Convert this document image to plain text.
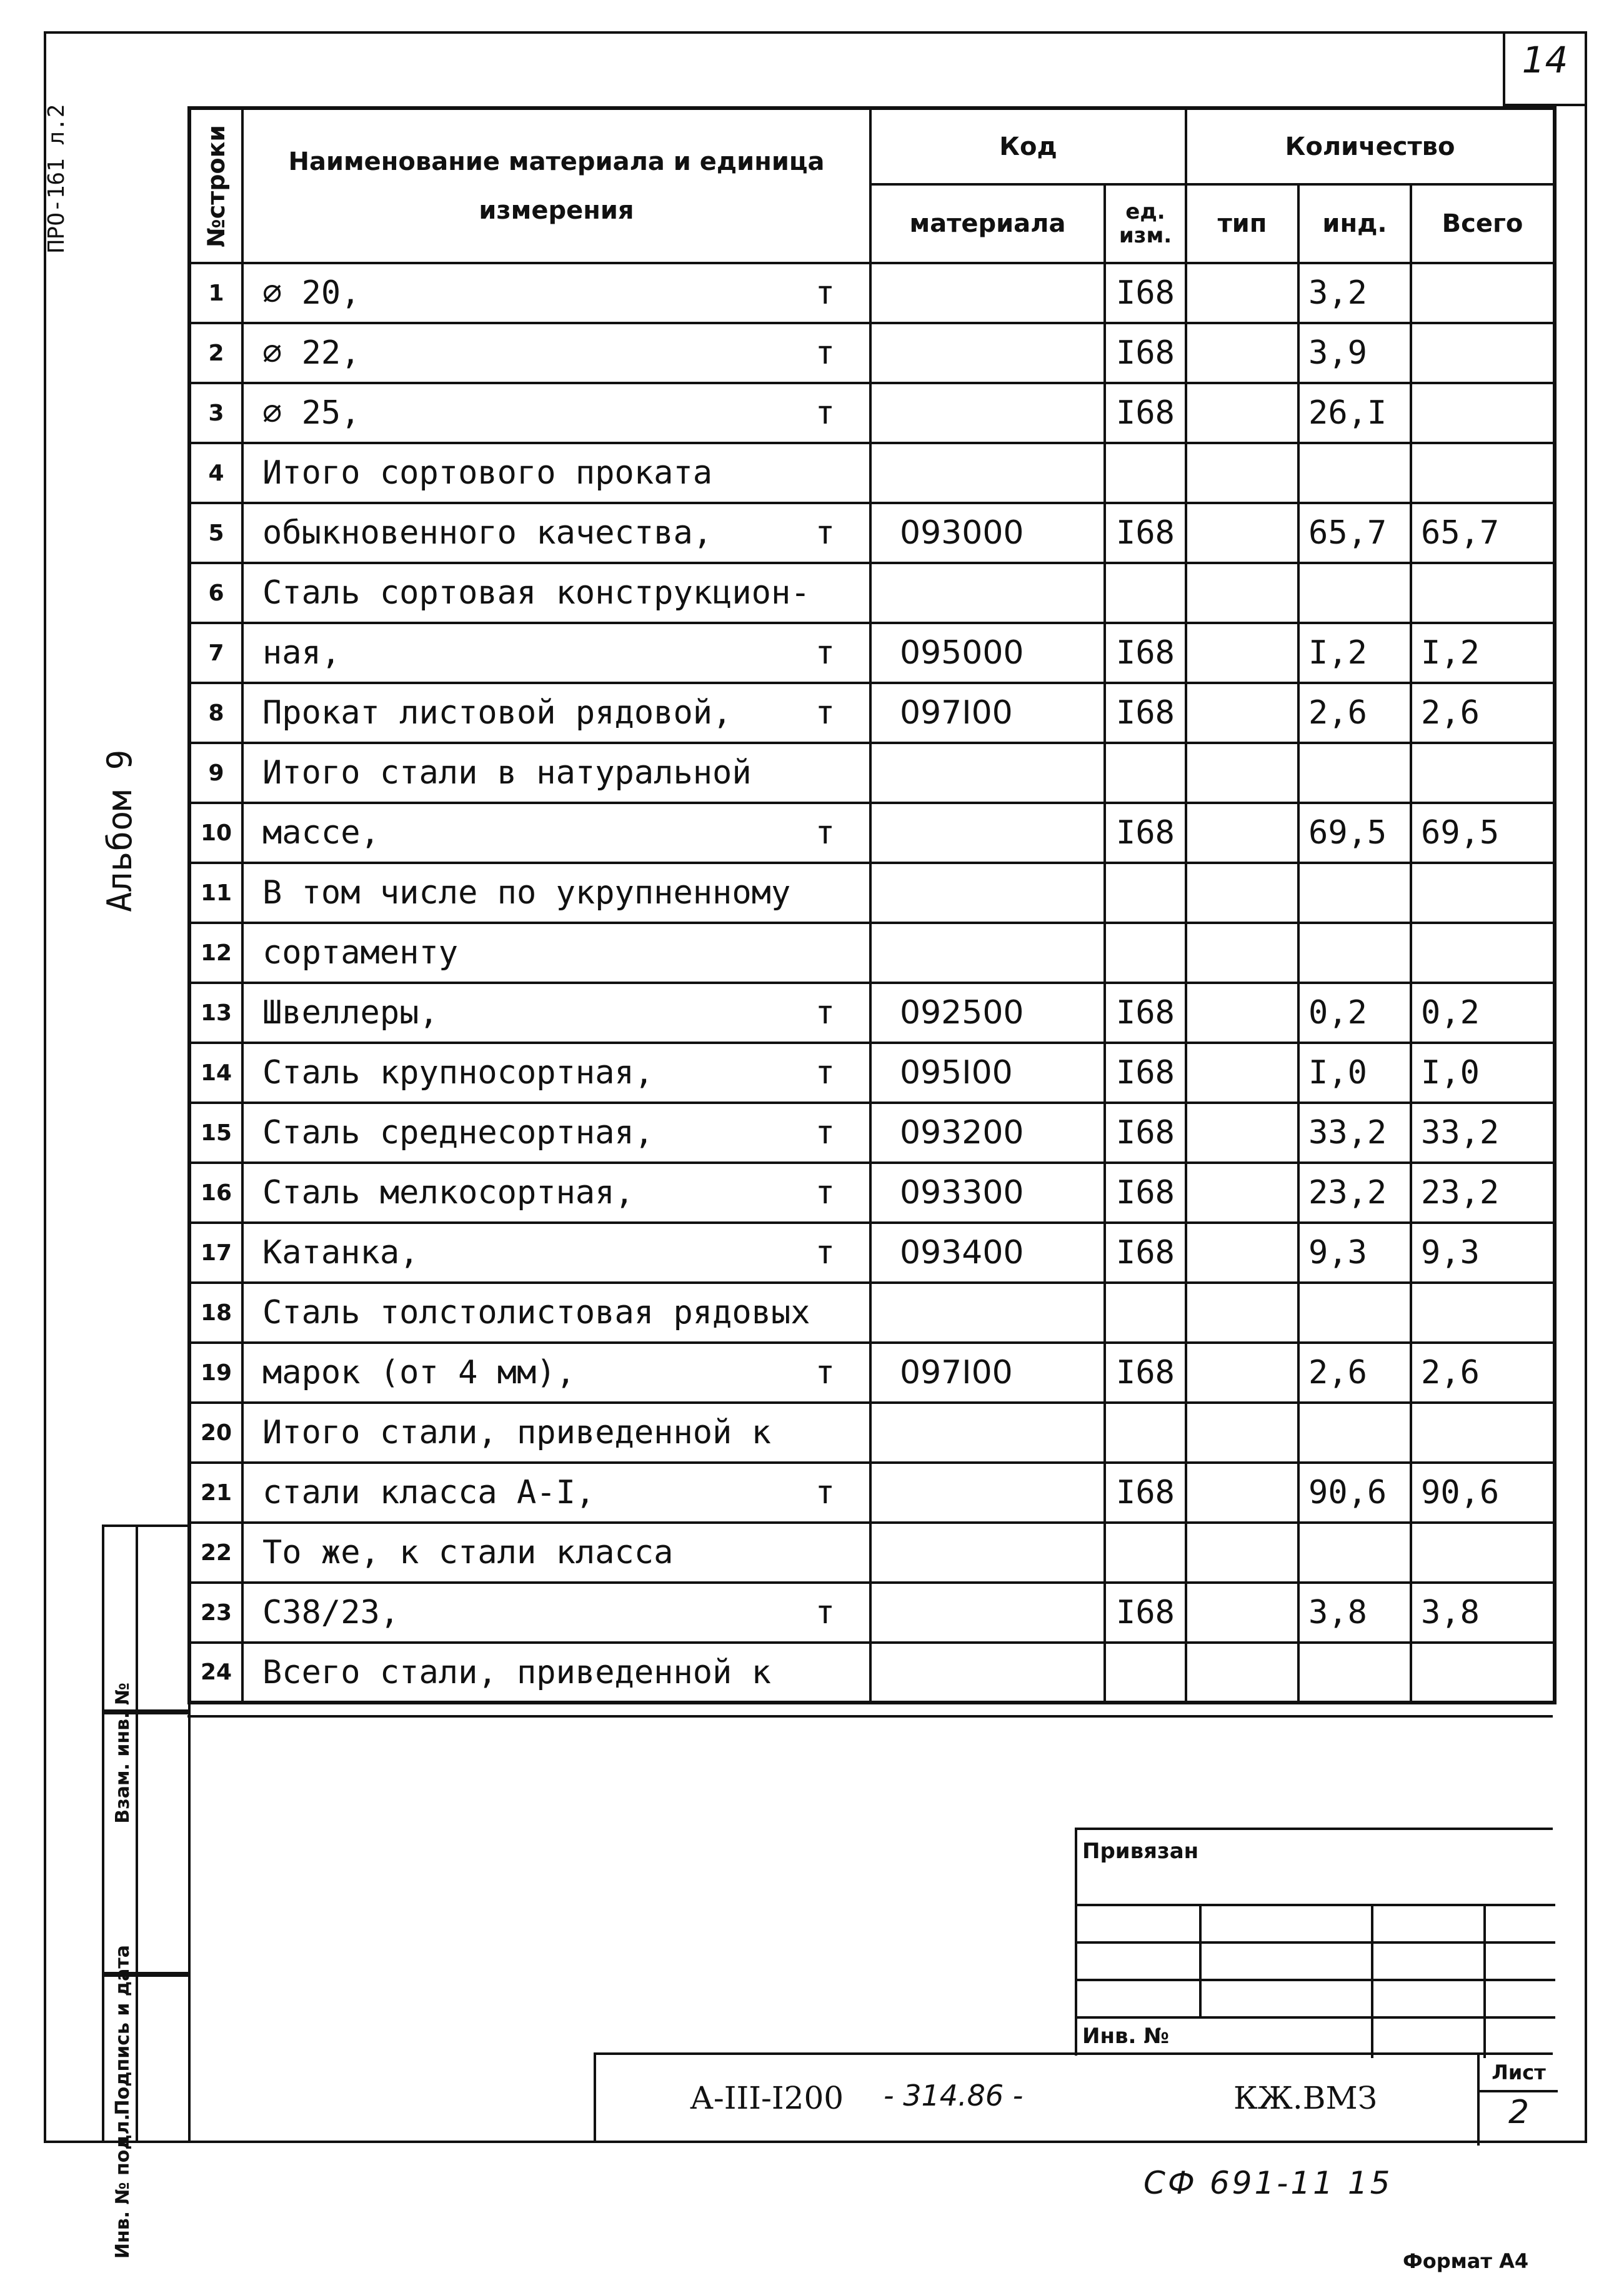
14
ПРО-161 л.2
Альбом 9
Взам. инв. №
Подпись и дата
Инв. № подл.
№строки	Наименование материала и единица измерения	Код		Количество		
		материала	ед. изм.	тип	инд.	Всего
1	⌀ 20, т		I68		3,2	
2	⌀ 22, т		I68		3,9	
3	⌀ 25, т		I68		26,I	
4	Итого сортового проката

5	обыкновенного качества, т	093000	I68		65,7	65,7
6	Сталь сортовая конструкцион-

7	ная, т	095000	I68		I,2	I,2
8	Прокат листовой рядовой, т	097I00	I68		2,6	2,6
9	Итого стали в натуральной

10	массе, т		I68		69,5	69,5
11	В том числе по укрупненному

12	сортаменту

13	Швеллеры, т	092500	I68		0,2	0,2
14	Сталь крупносортная, т	095I00	I68		I,0	I,0
15	Сталь среднесортная, т	093200	I68		33,2	33,2
16	Сталь мелкосортная, т	093300	I68		23,2	23,2
17	Катанка, т	093400	I68		9,3	9,3
18	Сталь толстолистовая рядовых

19	марок (от 4 мм), т	097I00	I68		2,6	2,6
20	Итого стали, приведенной к

21	стали класса А-I, т		I68		90,6	90,6
22	То же, к стали класса

23	С38/23, т		I68		3,8	3,8
24	Всего стали, приведенной к

Привязан
Инв. №
А-III-I200 - 314.86 -	КЖ.ВМЗ
Лист
2
СФ 691-11 15
Формат А4
